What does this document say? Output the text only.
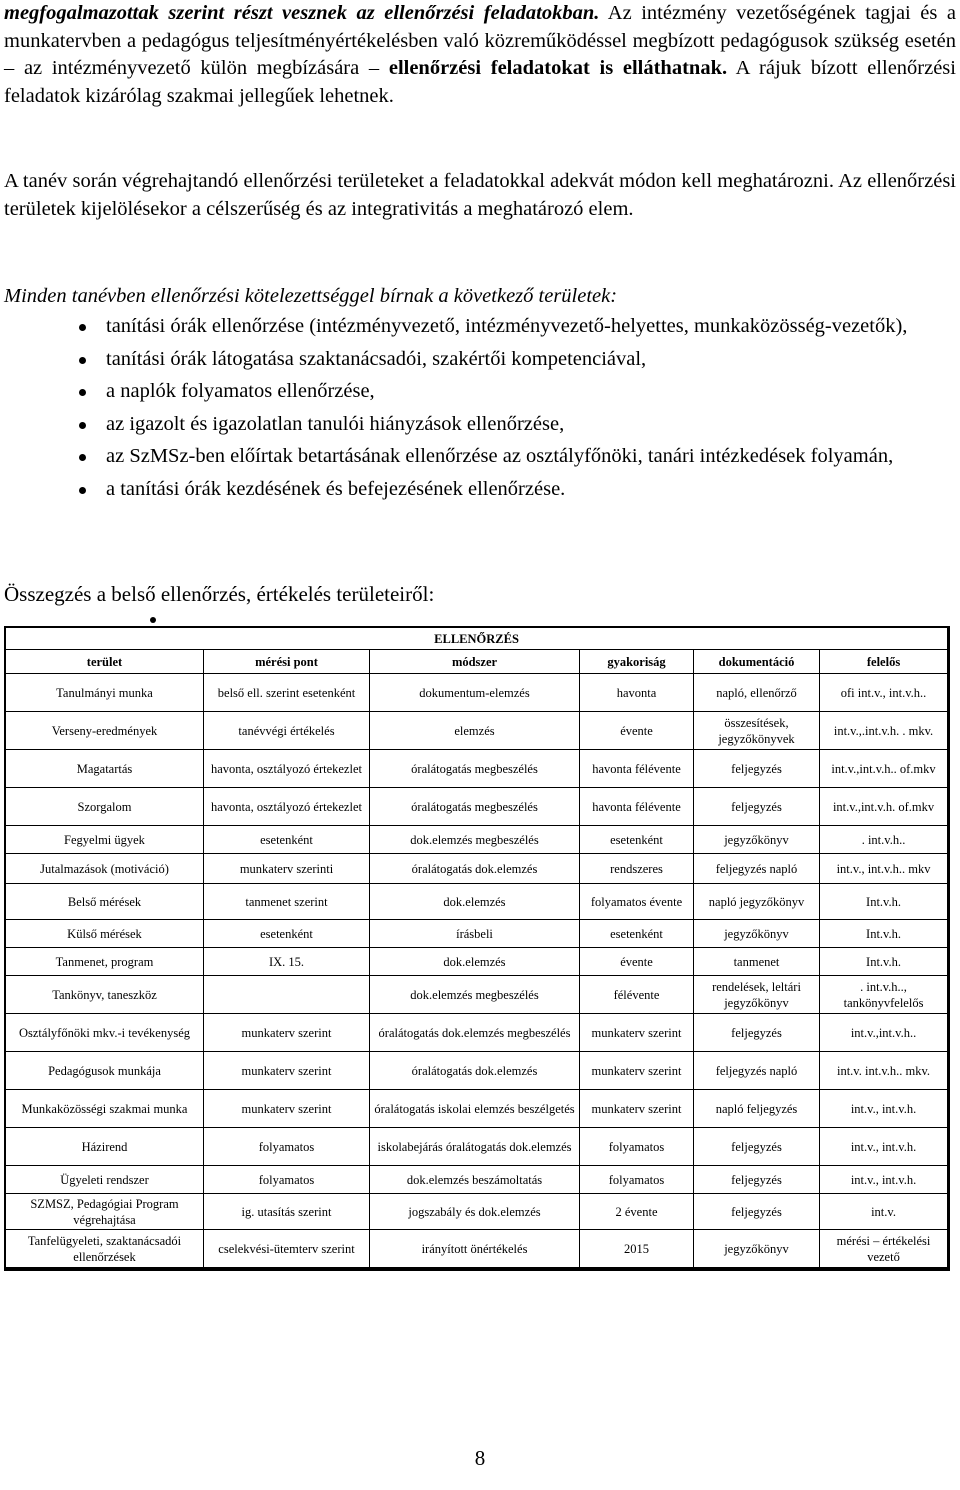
megfogalmazottak szerint részt vesznek az ellenőrzési feladatokban. Az intézmény vezetőségének tagjai és a munkatervben a pedagógus teljesítményértékelésben való közreműködéssel megbízott pedagógusok szükség esetén – az intézményvezető külön megbízására – ellenőrzési feladatokat is elláthatnak. A rájuk bízott ellenőrzési feladatok kizárólag szakmai jellegűek lehetnek.
A tanév során végrehajtandó ellenőrzési területeket a feladatokkal adekvát módon kell meghatározni. Az ellenőrzési területek kijelölésekor a célszerűség és az integrativitás a meghatározó elem.
Minden tanévben ellenőrzési kötelezettséggel bírnak a következő területek:
tanítási órák ellenőrzése (intézményvezető, intézményvezető-helyettes, munkaközösség-vezetők),
tanítási órák látogatása szaktanácsadói, szakértői kompetenciával,
a naplók folyamatos ellenőrzése,
az igazolt és igazolatlan tanulói hiányzások ellenőrzése,
az SzMSz-ben előírtak betartásának ellenőrzése az osztályfőnöki, tanári intézkedések folyamán,
a tanítási órák kezdésének és befejezésének ellenőrzése.
Összegzés a belső ellenőrzés, értékelés területeiről:
ELLENŐRZÉS					
terület	mérési pont	módszer	gyakoriság	dokumentáció	felelős
Tanulmányi munka	belső ell. szerint esetenként	dokumentum-elemzés	havonta	napló, ellenőrző	ofi int.v., int.v.h..
Verseny-eredmények	tanévvégi értékelés	elemzés	évente	összesítések, jegyzőkönyvek	int.v.,.int.v.h. . mkv.
Magatartás	havonta, osztályozó értekezlet	óralátogatás megbeszélés	havonta félévente	feljegyzés	int.v.,int.v.h.. of.mkv
Szorgalom	havonta, osztályozó értekezlet	óralátogatás megbeszélés	havonta félévente	feljegyzés	int.v.,int.v.h. of.mkv
Fegyelmi ügyek	esetenként	dok.elemzés megbeszélés	esetenként	jegyzőkönyv	. int.v.h..
Jutalmazások (motiváció)	munkaterv szerinti	óralátogatás dok.elemzés	rendszeres	feljegyzés napló	int.v., int.v.h.. mkv
Belső mérések	tanmenet szerint	dok.elemzés	folyamatos évente	napló jegyzőkönyv	Int.v.h.
Külső mérések	esetenként	írásbeli	esetenként	jegyzőkönyv	Int.v.h.
Tanmenet, program	IX. 15.	dok.elemzés	évente	tanmenet	Int.v.h.
Tankönyv, taneszköz		dok.elemzés megbeszélés	félévente	rendelések, leltári jegyzőkönyv	. int.v.h.., tankönyvfelelős
Osztályfőnöki mkv.-i tevékenység	munkaterv szerint	óralátogatás dok.elemzés megbeszélés	munkaterv szerint	feljegyzés	int.v.,int.v.h..
Pedagógusok munkája	munkaterv szerint	óralátogatás dok.elemzés	munkaterv szerint	feljegyzés napló	int.v. int.v.h.. mkv.
Munkaközösségi szakmai munka	munkaterv szerint	óralátogatás iskolai elemzés beszélgetés	munkaterv szerint	napló feljegyzés	int.v., int.v.h.
Házirend	folyamatos	iskolabejárás óralátogatás dok.elemzés	folyamatos	feljegyzés	int.v., int.v.h.
Ügyeleti rendszer	folyamatos	dok.elemzés beszámoltatás	folyamatos	feljegyzés	int.v., int.v.h.
SZMSZ, Pedagógiai Program végrehajtása	ig. utasítás szerint	jogszabály és dok.elemzés	2 évente	feljegyzés	int.v.
Tanfelügyeleti, szaktanácsadói ellenőrzések	cselekvési-ütemterv szerint	irányított önértékelés	2015	jegyzőkönyv	mérési – értékelési vezető
8
